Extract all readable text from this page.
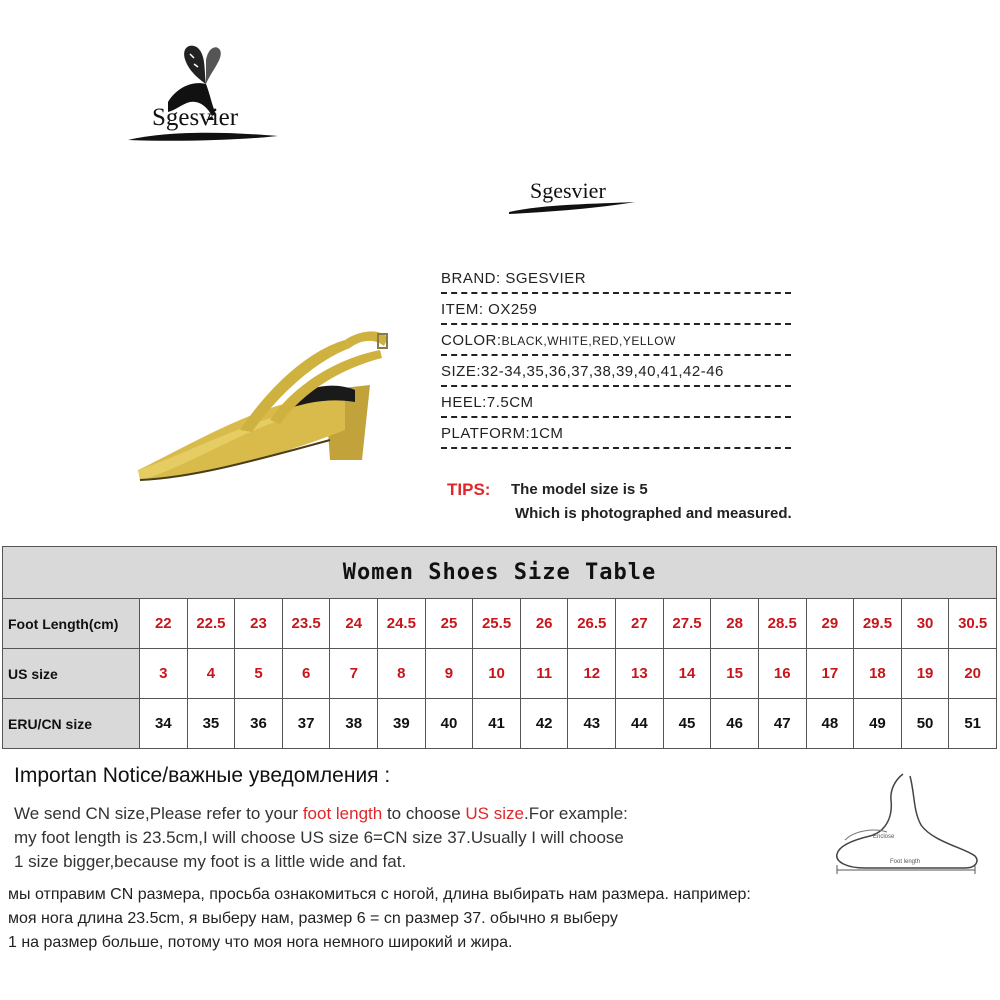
Sgesvier
Sgesvier
BRAND: SGESVIER
ITEM: OX259
COLOR:BLACK,WHITE,RED,YELLOW
SIZE:32-34,35,36,37,38,39,40,41,42-46
HEEL:7.5CM
PLATFORM:1CM
TIPS: The model size is 5
Which is photographed and measured.
Women Shoes Size Table																		
Foot Length(cm)	22	22.5	23	23.5	24	24.5	25	25.5	26	26.5	27	27.5	28	28.5	29	29.5	30	30.5
US size	3	4	5	6	7	8	9	10	11	12	13	14	15	16	17	18	19	20
ERU/CN size	34	35	36	37	38	39	40	41	42	43	44	45	46	47	48	49	50	51
Importan Notice/важные уведомления :
We send CN size,Please refer to your foot length to choose US size.For example:
my foot length is 23.5cm,I will choose US size 6=CN size 37.Usually I will choose
1 size bigger,because my foot is a little wide and fat.
мы отправим CN размера, просьба ознакомиться с ногой, длина выбирать нам размера. например:
моя нога длина 23.5cm, я выберу нам, размер 6 = cn размер 37. обычно я выберу
1 на размер больше, потому что моя нога немного широкий и жира.
Enclose
Foot length
